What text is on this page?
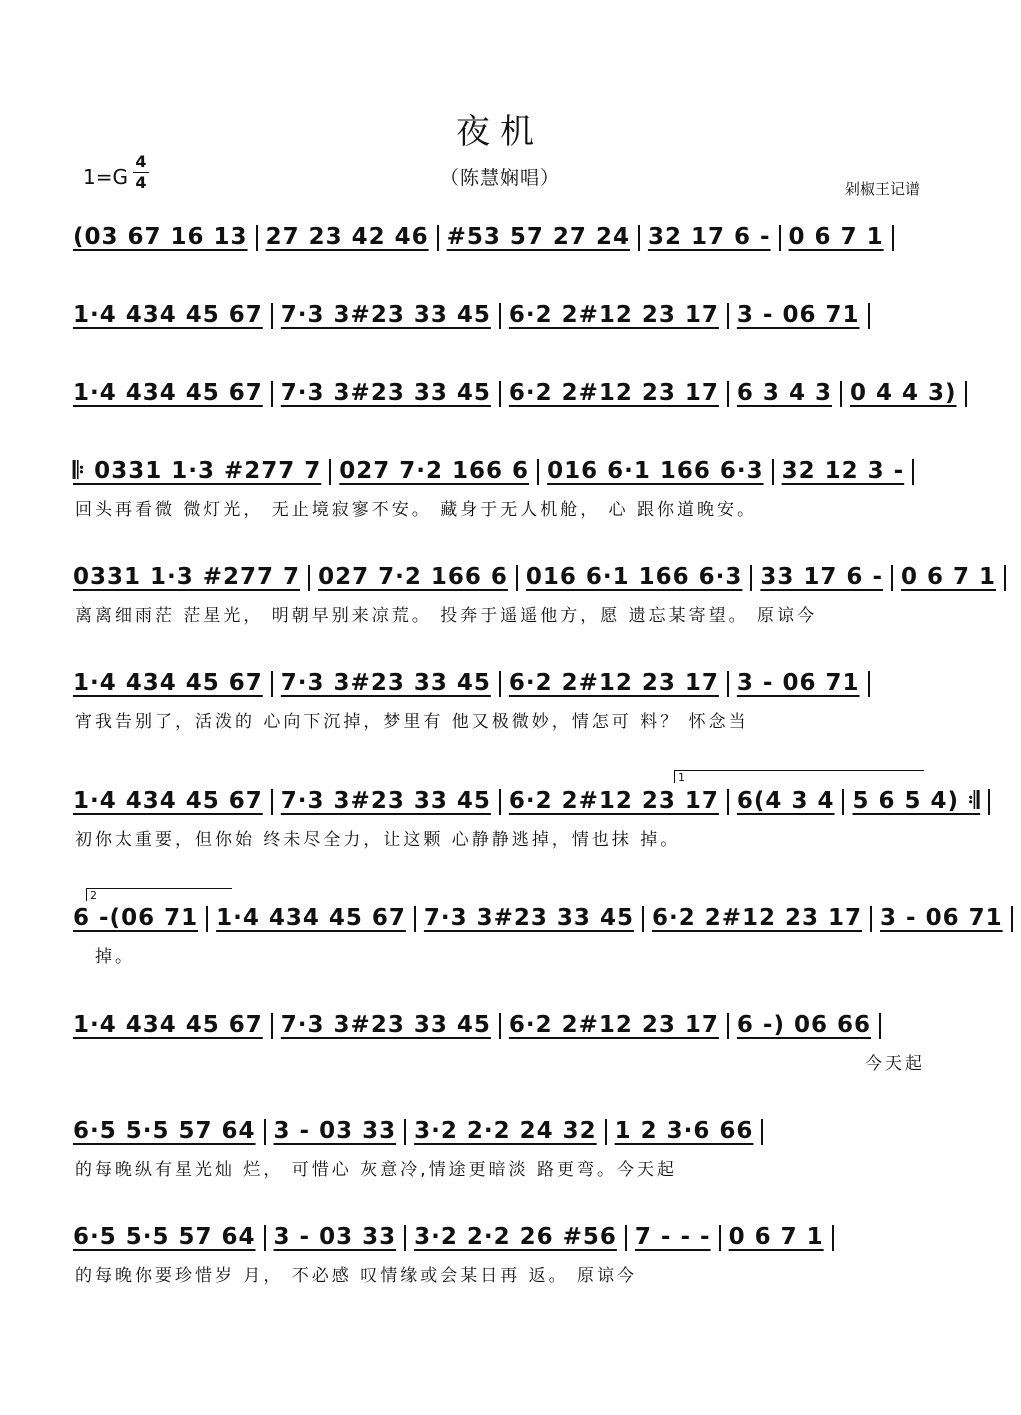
夜机
（陈慧娴唱）
$1=G \frac{4}{4}$	剁椒王记谱
1
2
(03 67 16 13 27 23 42 46 #53 57 27 24 32 17 6 - 0 6 7 1
1·4 434 45 67 7·3 3#23 33 45 6·2 2#12 23 17 3 - 06 71
1·4 434 45 67 7·3 3#23 33 45 6·2 2#12 23 17 6 3 4 3 0 4 4 3)
𝄆 0331 1·3 #277 7 027 7·2 166 6 016 6·1 166 6·3 32 12 3 -
回头再看微 微灯光， 无止境寂寥不安。 藏身于无人机舱， 心 跟你道晚安。
0331 1·3 #277 7 027 7·2 166 6 016 6·1 166 6·3 33 17 6 - 0 6 7 1
离离细雨茫 茫星光， 明朝早别来凉荒。 投奔于遥遥他方，愿 遗忘某寄望。 原谅今
1·4 434 45 67 7·3 3#23 33 45 6·2 2#12 23 17 3 - 06 71
宵我告别了，活泼的 心向下沉掉，梦里有 他又极微妙，情怎可 料？ 怀念当
1·4 434 45 67 7·3 3#23 33 45 6·2 2#12 23 17 6(4 3 4 5 6 5 4) 𝄇
初你太重要，但你始 终未尽全力，让这颗 心静静逃掉，情也抹 掉。
6 -(06 71 1·4 434 45 67 7·3 3#23 33 45 6·2 2#12 23 17 3 - 06 71
掉。
1·4 434 45 67 7·3 3#23 33 45 6·2 2#12 23 17 6 -) 06 66
今天起
6·5 5·5 57 64 3 - 03 33 3·2 2·2 24 32 1 2 3·6 66
的每晚纵有星光灿 烂， 可惜心 灰意冷,情途更暗淡 路更弯。今天起
6·5 5·5 57 64 3 - 03 33 3·2 2·2 26 #56 7 - - - 0 6 7 1
的每晚你要珍惜岁 月， 不必感 叹情缘或会某日再 返。 原谅今
